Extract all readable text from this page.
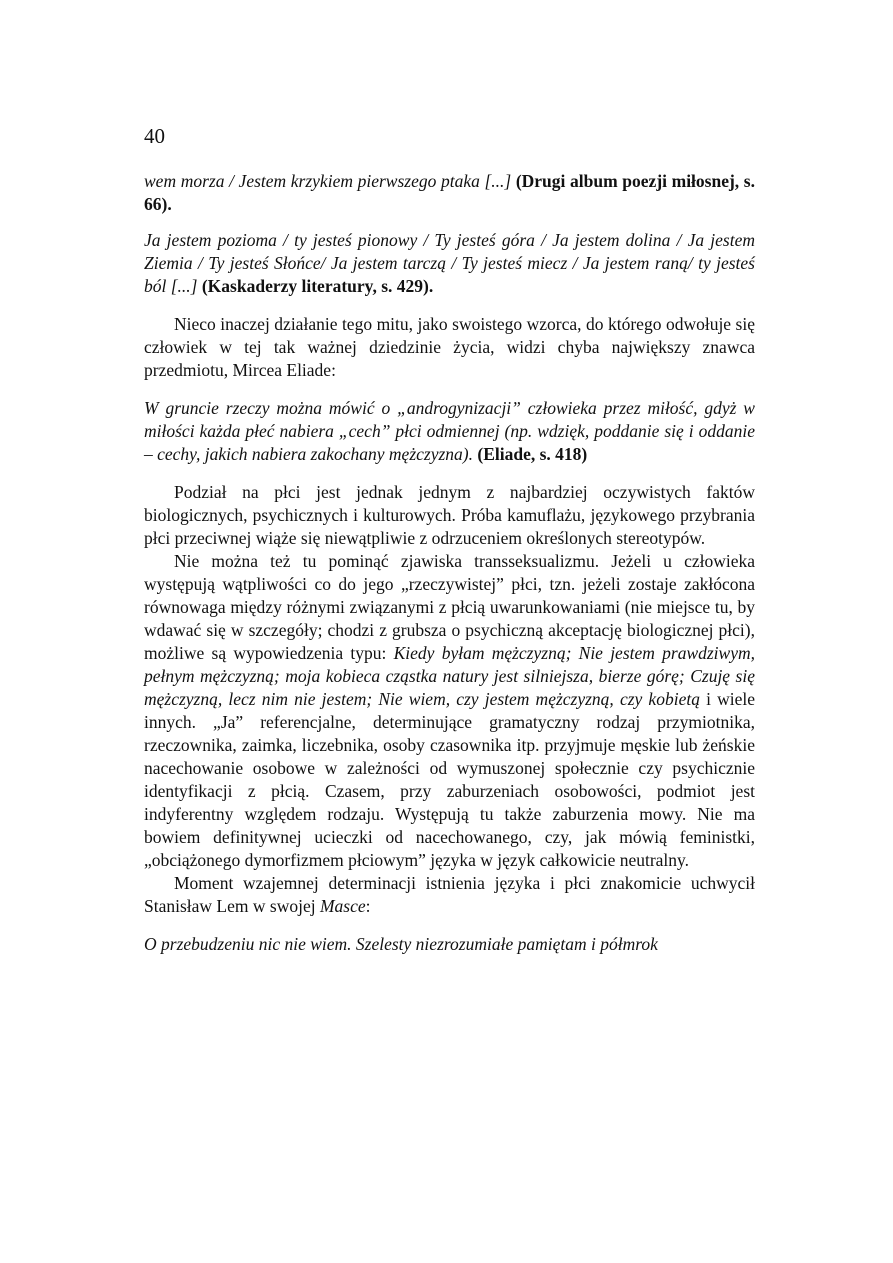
40

wem morza / Jestem krzykiem pierwszego ptaka [...] (Drugi album poezji miłosnej, s. 66).

Ja jestem pozioma / ty jesteś pionowy / Ty jesteś góra / Ja jestem dolina / Ja jestem Ziemia / Ty jesteś Słońce/ Ja jestem tarczą / Ty jesteś miecz / Ja jestem raną/ ty jesteś ból [...] (Kaskaderzy literatury, s. 429).

Nieco inaczej działanie tego mitu, jako swoistego wzorca, do którego odwołuje się człowiek w tej tak ważnej dziedzinie życia, widzi chyba największy znawca przedmiotu, Mircea Eliade:

W gruncie rzeczy można mówić o „androgynizacji” człowieka przez miłość, gdyż w miłości każda płeć nabiera „cech” płci odmiennej (np. wdzięk, poddanie się i oddanie – cechy, jakich nabiera zakochany mężczyzna). (Eliade, s. 418)

Podział na płci jest jednak jednym z najbardziej oczywistych faktów biologicznych, psychicznych i kulturowych. Próba kamuflażu, językowego przybrania płci przeciwnej wiąże się niewątpliwie z odrzuceniem określonych stereotypów.

Nie można też tu pominąć zjawiska transseksualizmu. Jeżeli u człowieka występują wątpliwości co do jego „rzeczywistej” płci, tzn. jeżeli zostaje zakłócona równowaga między różnymi związanymi z płcią uwarunkowaniami (nie miejsce tu, by wdawać się w szczegóły; chodzi z grubsza o psychiczną akceptację biologicznej płci), możliwe są wypowiedzenia typu: Kiedy byłam mężczyzną; Nie jestem prawdziwym, pełnym mężczyzną; moja kobieca cząstka natury jest silniejsza, bierze górę; Czuję się mężczyzną, lecz nim nie jestem; Nie wiem, czy jestem mężczyzną, czy kobietą i wiele innych. „Ja” referencjalne, determinujące gramatyczny rodzaj przymiotnika, rzeczownika, zaimka, liczebnika, osoby czasownika itp. przyjmuje męskie lub żeńskie nacechowanie osobowe w zależności od wymuszonej społecznie czy psychicznie identyfikacji z płcią. Czasem, przy zaburzeniach osobowości, podmiot jest indyferentny względem rodzaju. Występują tu także zaburzenia mowy. Nie ma bowiem definitywnej ucieczki od nacechowanego, czy, jak mówią feministki, „obciążonego dymorfizmem płciowym” języka w język całkowicie neutralny.

Moment wzajemnej determinacji istnienia języka i płci znakomicie uchwycił Stanisław Lem w swojej Masce:

O przebudzeniu nic nie wiem. Szelesty niezrozumiałe pamiętam i półmrok
